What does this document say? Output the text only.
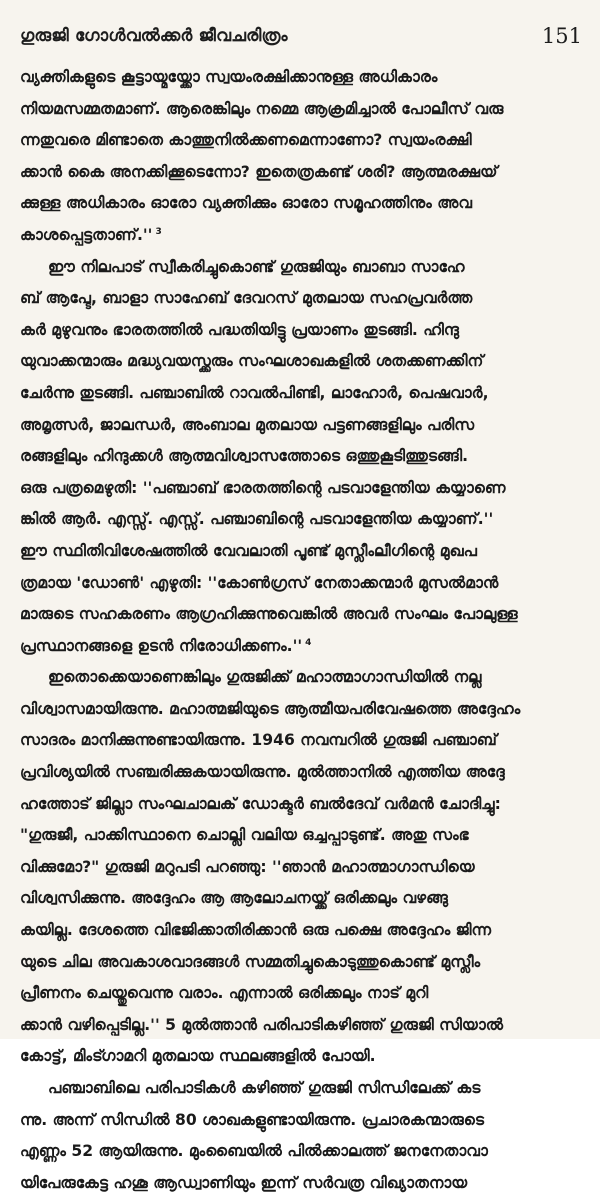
ഗുരുജി ഗോൾവൽക്കർ ജീവചരിത്രം	151
വ്യക്തികളുടെ കൂട്ടായ്മയ്ക്കോ സ്വയംരക്ഷിക്കാനുള്ള അധികാരം
നിയമസമ്മതമാണ്. ആരെങ്കിലും നമ്മെ ആക്രമിച്ചാൽ പോലീസ് വരു
ന്നതുവരെ മിണ്ടാതെ കാത്തുനിൽക്കണമെന്നാണോ? സ്വയംരക്ഷി
ക്കാൻ കൈ അനക്കിക്കൂടെന്നോ? ഇതെത്രകണ്ട് ശരി? ആത്മരക്ഷയ്
ക്കുള്ള അധികാരം ഓരോ വ്യക്തിക്കും ഓരോ സമൂഹത്തിനും അവ
കാശപ്പെട്ടതാണ്.'' $^3$
ഈ നിലപാട് സ്വീകരിച്ചുകൊണ്ട് ഗുരുജിയും ബാബാ സാഹേ
ബ് ആപ്ടേ, ബാളാ സാഹേബ് ദേവറസ് മുതലായ സഹപ്രവർത്ത
കർ മുഴുവനും ഭാരതത്തിൽ പദ്ധതിയിട്ടു പ്രയാണം തുടങ്ങി. ഹിന്ദു
യുവാക്കന്മാരും മദ്ധ്യവയസ്ക്കരും സംഘശാഖകളിൽ ശതക്കണക്കിന്
ചേർന്നു തുടങ്ങി. പഞ്ചാബിൽ റാവൽപിണ്ടി, ലാഹോർ, പെഷവാർ,
അമൃത്സർ, ജാലന്ധർ, അംബാല മുതലായ പട്ടണങ്ങളിലും പരിസ
രങ്ങളിലും ഹിന്ദുക്കൾ ആത്മവിശ്വാസത്തോടെ ഒത്തുകൂടിത്തുടങ്ങി.
ഒരു പത്രമെഴുതി: ''പഞ്ചാബ് ഭാരതത്തിന്റെ പടവാളേന്തിയ കയ്യാണെ
ങ്കിൽ ആർ. എസ്സ്. എസ്സ്. പഞ്ചാബിന്റെ പടവാളേന്തിയ കയ്യാണ്.''
ഈ സ്ഥിതിവിശേഷത്തിൽ വേവലാതി പൂണ്ട് മുസ്ലീംലീഗിന്റെ മുഖപ
ത്രമായ 'ഡോൺ' എഴുതി: ''കോൺഗ്രസ് നേതാക്കന്മാർ മുസൽമാൻ
മാരുടെ സഹകരണം ആഗ്രഹിക്കുന്നുവെങ്കിൽ അവർ സംഘം പോലുള്ള
പ്രസ്ഥാനങ്ങളെ ഉടൻ നിരോധിക്കണം.'' $^4$
ഇതൊക്കെയാണെങ്കിലും ഗുരുജിക്ക് മഹാത്മാഗാന്ധിയിൽ നല്ല
വിശ്വാസമായിരുന്നു. മഹാത്മജിയുടെ ആത്മീയപരിവേഷത്തെ അദ്ദേഹം
സാദരം മാനിക്കുന്നുണ്ടായിരുന്നു. 1946 നവമ്പറിൽ ഗുരുജി പഞ്ചാബ്
പ്രവിശ്യയിൽ സഞ്ചരിക്കുകയായിരുന്നു. മുൽത്താനിൽ എത്തിയ അദ്ദേ
ഹത്തോട് ജില്ലാ സംഘചാലക് ഡോക്ടർ ബൽദേവ് വർമൻ ചോദിച്ചു:
"ഗുരുജീ, പാക്കിസ്ഥാനെ ചൊല്ലി വലിയ ഒച്ചപ്പാടുണ്ട്. അതു സംഭ
വിക്കുമോ?" ഗുരുജി മറുപടി പറഞ്ഞു: ''ഞാൻ മഹാത്മാഗാന്ധിയെ
വിശ്വസിക്കുന്നു. അദ്ദേഹം ആ ആലോചനയ്ക്ക് ഒരിക്കലും വഴങ്ങു
കയില്ല. ദേശത്തെ വിഭജിക്കാതിരിക്കാൻ ഒരു പക്ഷെ അദ്ദേഹം ജിന്ന
യുടെ ചില അവകാശവാദങ്ങൾ സമ്മതിച്ചുകൊടുത്തുകൊണ്ട് മുസ്ലീം
പ്രീണനം ചെയ്തുവെന്നു വരാം. എന്നാൽ ഒരിക്കലും നാട് മുറി
ക്കാൻ വഴിപ്പെടില്ല.'' 5 മുൽത്താൻ പരിപാടികഴിഞ്ഞ് ഗുരുജി സിയാൽ
കോട്ട്, മിംട്ഗാമറി മുതലായ സ്ഥലങ്ങളിൽ പോയി.
പഞ്ചാബിലെ പരിപാടികൾ കഴിഞ്ഞ് ഗുരുജി സിന്ധിലേക്ക് കട
ന്നു. അന്ന് സിന്ധിൽ 80 ശാഖകളുണ്ടായിരുന്നു. പ്രചാരകന്മാരുടെ
എണ്ണം 52 ആയിരുന്നു. മുംബൈയിൽ പിൽക്കാലത്ത് ജനനേതാവാ
യിപേരുകേട്ട ഹശൂ ആഡ്വാണിയും ഇന്ന് സർവത്ര വിഖ്യാതനായ
